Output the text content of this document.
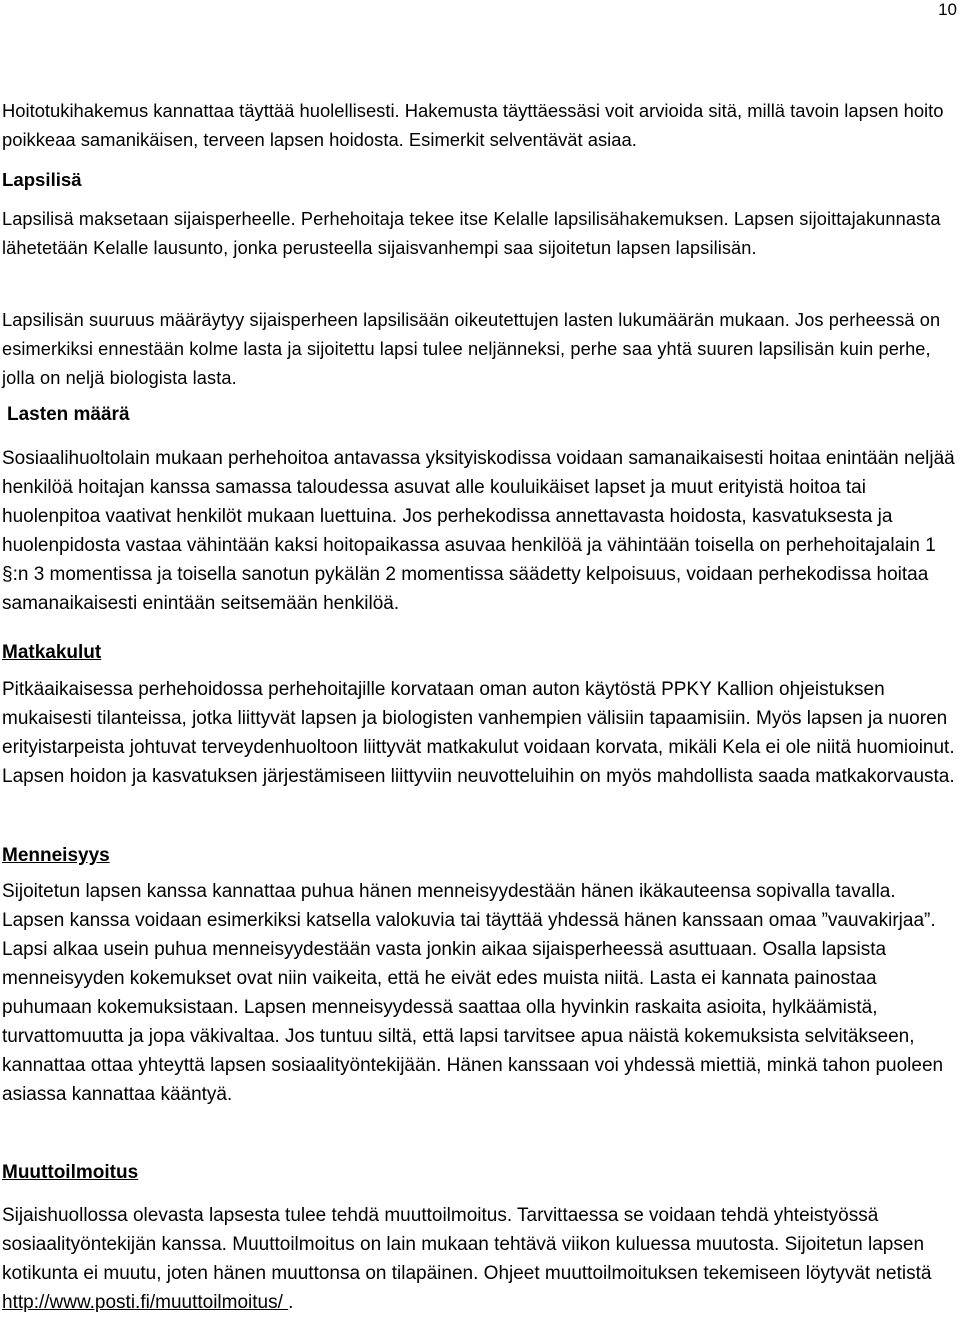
10

Hoitotukihakemus kannattaa täyttää huolellisesti. Hakemusta täyttäessäsi voit arvioida sitä, millä tavoin lapsen hoito poikkeaa samanikäisen, terveen lapsen hoidosta. Esimerkit selventävät asiaa.

Lapsilisä

Lapsilisä maksetaan sijaisperheelle. Perhehoitaja tekee itse Kelalle lapsilisähakemuksen. Lapsen sijoittajakunnasta lähetetään Kelalle lausunto, jonka perusteella sijaisvanhempi saa sijoitetun lapsen lapsilisän.

Lapsilisän suuruus määräytyy sijaisperheen lapsilisään oikeutettujen lasten lukumäärän mukaan. Jos perheessä on esimerkiksi ennestään kolme lasta ja sijoitettu lapsi tulee neljänneksi, perhe saa yhtä suuren lapsilisän kuin perhe, jolla on neljä biologista lasta.

Lasten määrä

Sosiaalihuoltolain mukaan perhehoitoa antavassa yksityiskodissa voidaan samanaikaisesti hoitaa enintään neljää henkilöä hoitajan kanssa samassa taloudessa asuvat alle kouluikäiset lapset ja muut erityistä hoitoa tai huolenpitoa vaativat henkilöt mukaan luettuina. Jos perhekodissa annettavasta hoidosta, kasvatuksesta ja huolenpidosta vastaa vähintään kaksi hoitopaikassa asuvaa henkilöä ja vähintään toisella on perhehoitajalain 1 §:n 3 momentissa ja toisella sanotun pykälän 2 momentissa säädetty kelpoisuus, voidaan perhekodissa hoitaa samanaikaisesti enintään seitsemään henkilöä.

Matkakulut

Pitkäaikaisessa perhehoidossa perhehoitajille korvataan oman auton käytöstä PPKY Kallion ohjeistuksen mukaisesti tilanteissa, jotka liittyvät lapsen ja biologisten vanhempien välisiin tapaamisiin. Myös lapsen ja nuoren erityistarpeista johtuvat terveydenhuoltoon liittyvät matkakulut voidaan korvata, mikäli Kela ei ole niitä huomioinut. Lapsen hoidon ja kasvatuksen järjestämiseen liittyviin neuvotteluihin on myös mahdollista saada matkakorvausta.

Menneisyys

Sijoitetun lapsen kanssa kannattaa puhua hänen menneisyydestään hänen ikäkauteensa sopivalla tavalla. Lapsen kanssa voidaan esimerkiksi katsella valokuvia tai täyttää yhdessä hänen kanssaan omaa ”vauvakirjaa”. Lapsi alkaa usein puhua menneisyydestään vasta jonkin aikaa sijaisperheessä asuttuaan. Osalla lapsista menneisyyden kokemukset ovat niin vaikeita, että he eivät edes muista niitä. Lasta ei kannata painostaa puhumaan kokemuksistaan. Lapsen menneisyydessä saattaa olla hyvinkin raskaita asioita, hylkäämistä, turvattomuutta ja jopa väkivaltaa. Jos tuntuu siltä, että lapsi tarvitsee apua näistä kokemuksista selvitäkseen, kannattaa ottaa yhteyttä lapsen sosiaalityöntekijään. Hänen kanssaan voi yhdessä miettiä, minkä tahon puoleen asiassa kannattaa kääntyä.

Muuttoilmoitus

Sijaishuollossa olevasta lapsesta tulee tehdä muuttoilmoitus. Tarvittaessa se voidaan tehdä yhteistyössä sosiaalityöntekijän kanssa. Muuttoilmoitus on lain mukaan tehtävä viikon kuluessa muutosta. Sijoitetun lapsen kotikunta ei muutu, joten hänen muuttonsa on tilapäinen. Ohjeet muuttoilmoituksen tekemiseen löytyvät netistä http://www.posti.fi/muuttoilmoitus/ .
